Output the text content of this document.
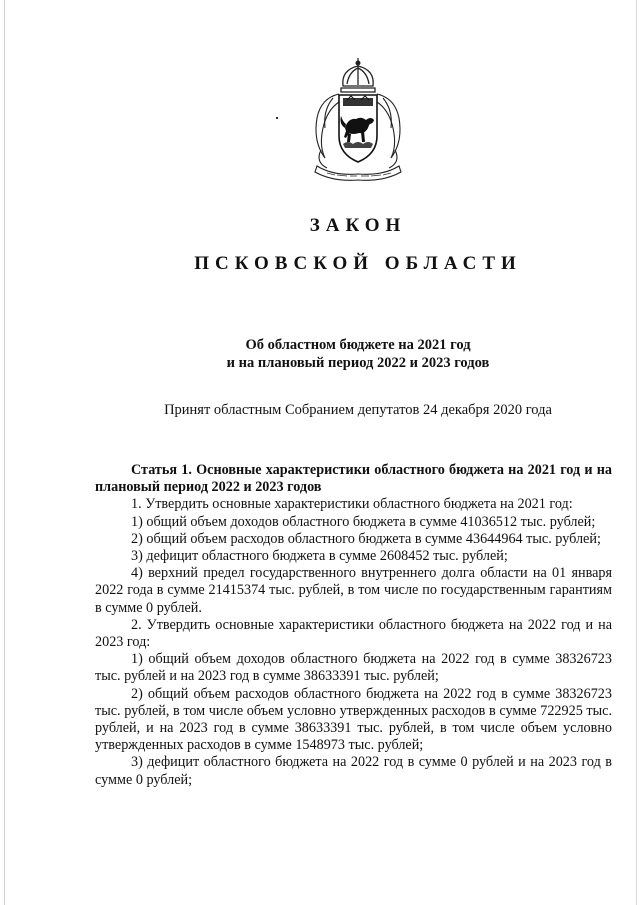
ЗАКОН
ПСКОВСКОЙ ОБЛАСТИ
Об областном бюджете на 2021 год
и на плановый период 2022 и 2023 годов
Принят областным Собранием депутатов 24 декабря 2020 года

Статья 1. Основные характеристики областного бюджета на 2021 год и на плановый период 2022 и 2023 годов

1. Утвердить основные характеристики областного бюджета на 2021 год:

1) общий объем доходов областного бюджета в сумме 41036512 тыс. рублей;

2) общий объем расходов областного бюджета в сумме 43644964 тыс. рублей;

3) дефицит областного бюджета в сумме 2608452 тыс. рублей;

4) верхний предел государственного внутреннего долга области на 01 января 2022 года в сумме 21415374 тыс. рублей, в том числе по государственным гарантиям в сумме 0 рублей.

2. Утвердить основные характеристики областного бюджета на 2022 год и на 2023 год:

1) общий объем доходов областного бюджета на 2022 год в сумме 38326723 тыс. рублей и на 2023 год в сумме 38633391 тыс. рублей;

2) общий объем расходов областного бюджета на 2022 год в сумме 38326723 тыс. рублей, в том числе объем условно утвержденных расходов в сумме 722925 тыс. рублей, и на 2023 год в сумме 38633391 тыс. рублей, в том числе объем условно утвержденных расходов в сумме 1548973 тыс. рублей;

3) дефицит областного бюджета на 2022 год в сумме 0 рублей и на 2023 год в сумме 0 рублей;
